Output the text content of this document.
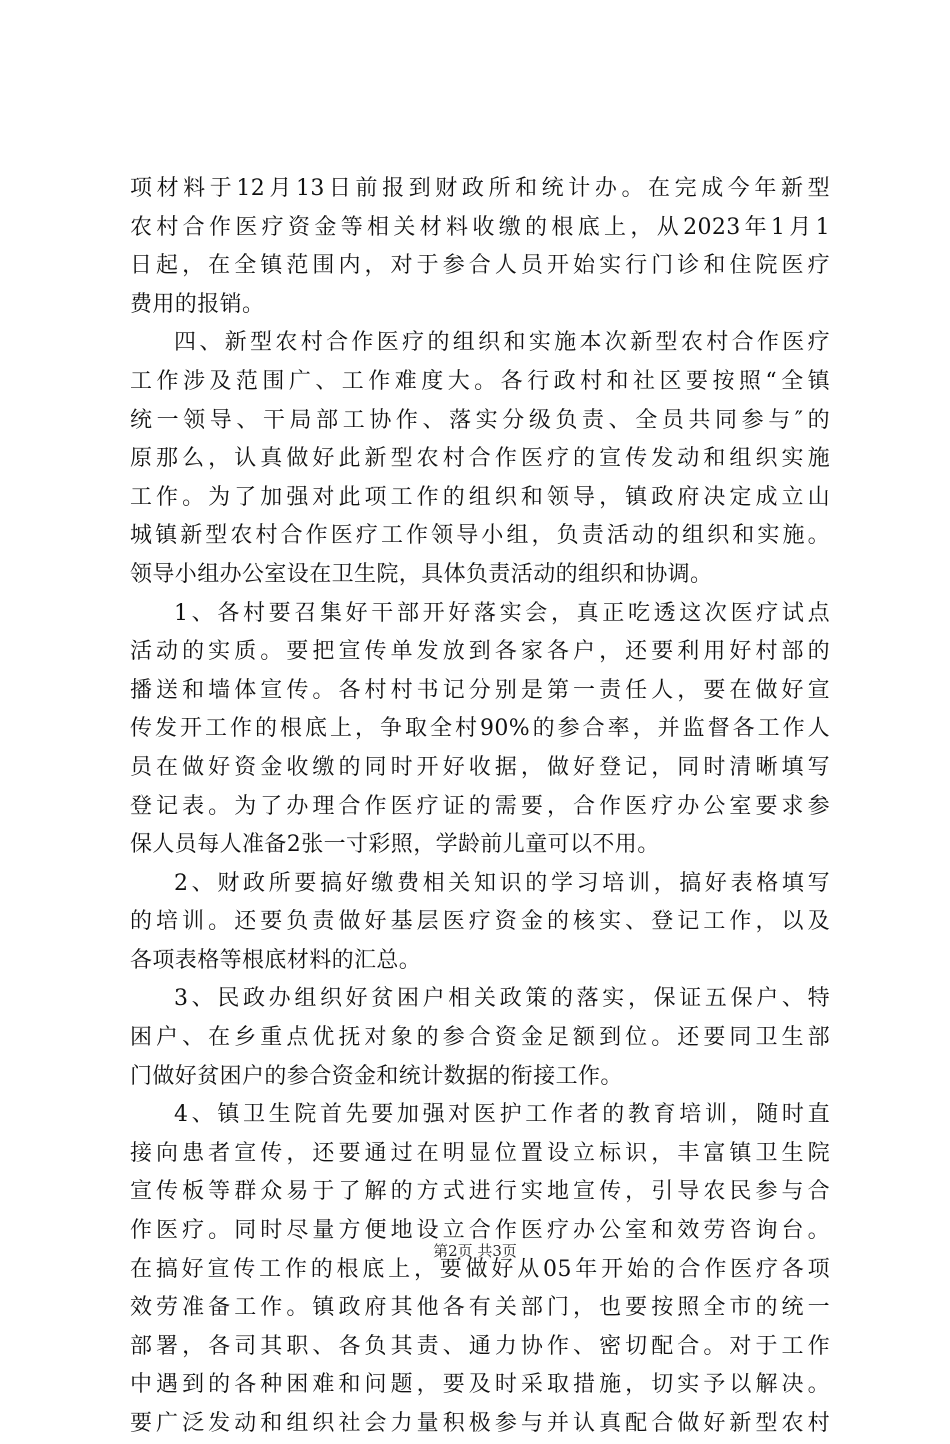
项材料于12月13日前报到财政所和统计办。在完成今年新型
农村合作医疗资金等相关材料收缴的根底上，从2023年1月1
日起，在全镇范围内，对于参合人员开始实行门诊和住院医疗
费用的报销。
四、新型农村合作医疗的组织和实施本次新型农村合作医疗
工作涉及范围广、工作难度大。各行政村和社区要按照“全镇
统一领导、干局部工协作、落实分级负责、全员共同参与″的
原那么，认真做好此新型农村合作医疗的宣传发动和组织实施
工作。为了加强对此项工作的组织和领导，镇政府决定成立山
城镇新型农村合作医疗工作领导小组，负责活动的组织和实施。
领导小组办公室设在卫生院，具体负责活动的组织和协调。
1、各村要召集好干部开好落实会，真正吃透这次医疗试点
活动的实质。要把宣传单发放到各家各户，还要利用好村部的
播送和墙体宣传。各村村书记分别是第一责任人，要在做好宣
传发开工作的根底上，争取全村90%的参合率，并监督各工作人
员在做好资金收缴的同时开好收据，做好登记，同时清晰填写
登记表。为了办理合作医疗证的需要，合作医疗办公室要求参
保人员每人准备2张一寸彩照，学龄前儿童可以不用。
2、财政所要搞好缴费相关知识的学习培训，搞好表格填写
的培训。还要负责做好基层医疗资金的核实、登记工作，以及
各项表格等根底材料的汇总。
3、民政办组织好贫困户相关政策的落实，保证五保户、特
困户、在乡重点优抚对象的参合资金足额到位。还要同卫生部
门做好贫困户的参合资金和统计数据的衔接工作。
4、镇卫生院首先要加强对医护工作者的教育培训，随时直
接向患者宣传，还要通过在明显位置设立标识，丰富镇卫生院
宣传板等群众易于了解的方式进行实地宣传，引导农民参与合
作医疗。同时尽量方便地设立合作医疗办公室和效劳咨询台。
在搞好宣传工作的根底上，要做好从05年开始的合作医疗各项
效劳准备工作。镇政府其他各有关部门，也要按照全市的统一
部署，各司其职、各负其责、通力协作、密切配合。对于工作
中遇到的各种困难和问题，要及时采取措施，切实予以解决。
要广泛发动和组织社会力量积极参与并认真配合做好新型农村
第2页 共3页
